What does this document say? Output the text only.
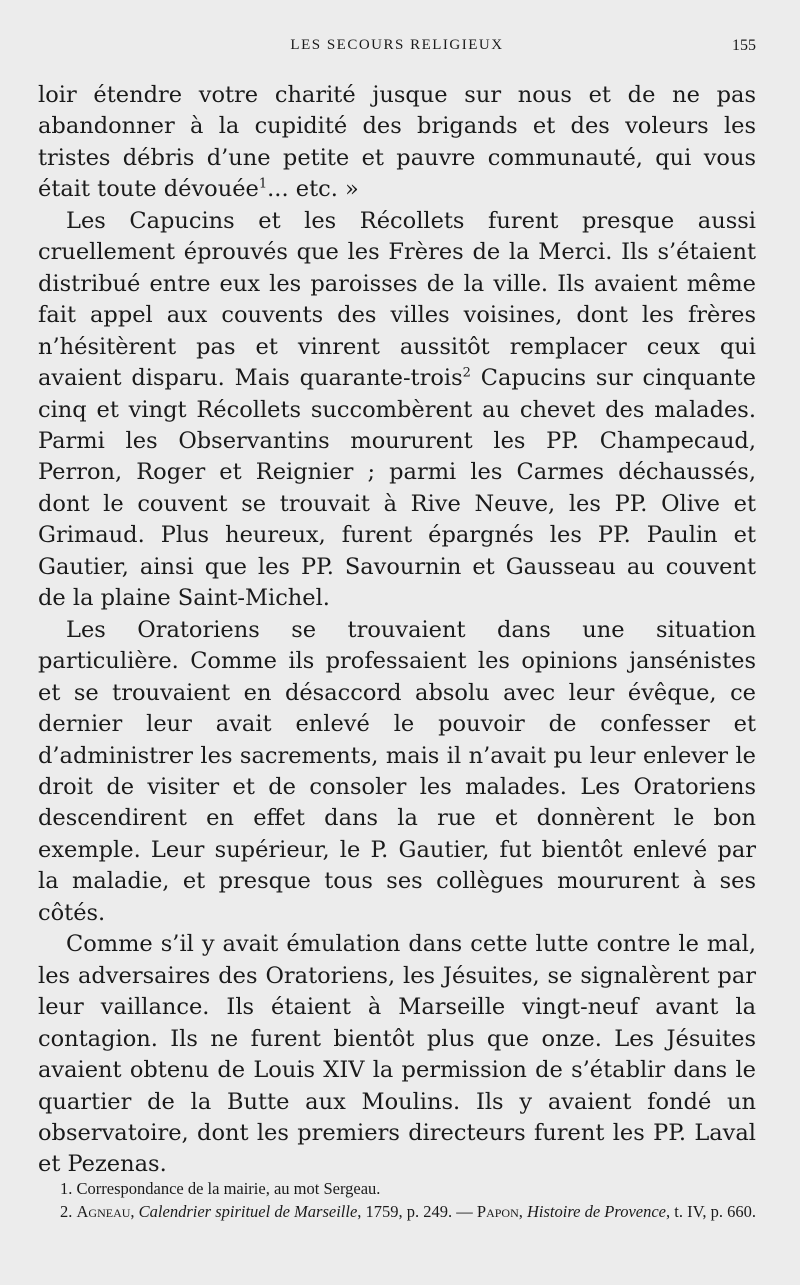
LES SECOURS RELIGIEUX	155

loir étendre votre charité jusque sur nous et de ne pas abandonner à la cupidité des brigands et des voleurs les tristes débris d’une petite et pauvre communauté, qui vous était toute dévouée$^1$... etc. »

Les Capucins et les Récollets furent presque aussi cruellement éprouvés que les Frères de la Merci. Ils s’étaient distribué entre eux les paroisses de la ville. Ils avaient même fait appel aux couvents des villes voisines, dont les frères n’hésitèrent pas et vinrent aussitôt remplacer ceux qui avaient disparu. Mais quarante-trois$^2$ Capucins sur cinquante cinq et vingt Récollets succombèrent au chevet des malades. Parmi les Observantins moururent les PP. Champecaud, Perron, Roger et Reignier ; parmi les Carmes déchaussés, dont le couvent se trouvait à Rive Neuve, les PP. Olive et Grimaud. Plus heureux, furent épargnés les PP. Paulin et Gautier, ainsi que les PP. Savournin et Gausseau au couvent de la plaine Saint-Michel.

Les Oratoriens se trouvaient dans une situation particulière. Comme ils professaient les opinions jansénistes et se trouvaient en désaccord absolu avec leur évêque, ce dernier leur avait enlevé le pouvoir de confesser et d’administrer les sacrements, mais il n’avait pu leur enlever le droit de visiter et de consoler les malades. Les Oratoriens descendirent en effet dans la rue et donnèrent le bon exemple. Leur supérieur, le P. Gautier, fut bientôt enlevé par la maladie, et presque tous ses collègues moururent à ses côtés.

Comme s’il y avait émulation dans cette lutte contre le mal, les adversaires des Oratoriens, les Jésuites, se signalèrent par leur vaillance. Ils étaient à Marseille vingt-neuf avant la contagion. Ils ne furent bientôt plus que onze. Les Jésuites avaient obtenu de Louis XIV la permission de s’établir dans le quartier de la Butte aux Moulins. Ils y avaient fondé un observatoire, dont les premiers directeurs furent les PP. Laval et Pezenas.

1. Correspondance de la mairie, au mot Sergeau.

2. Agneau, Calendrier spirituel de Marseille, 1759, p. 249. — Papon, Histoire de Provence, t. IV, p. 660.
